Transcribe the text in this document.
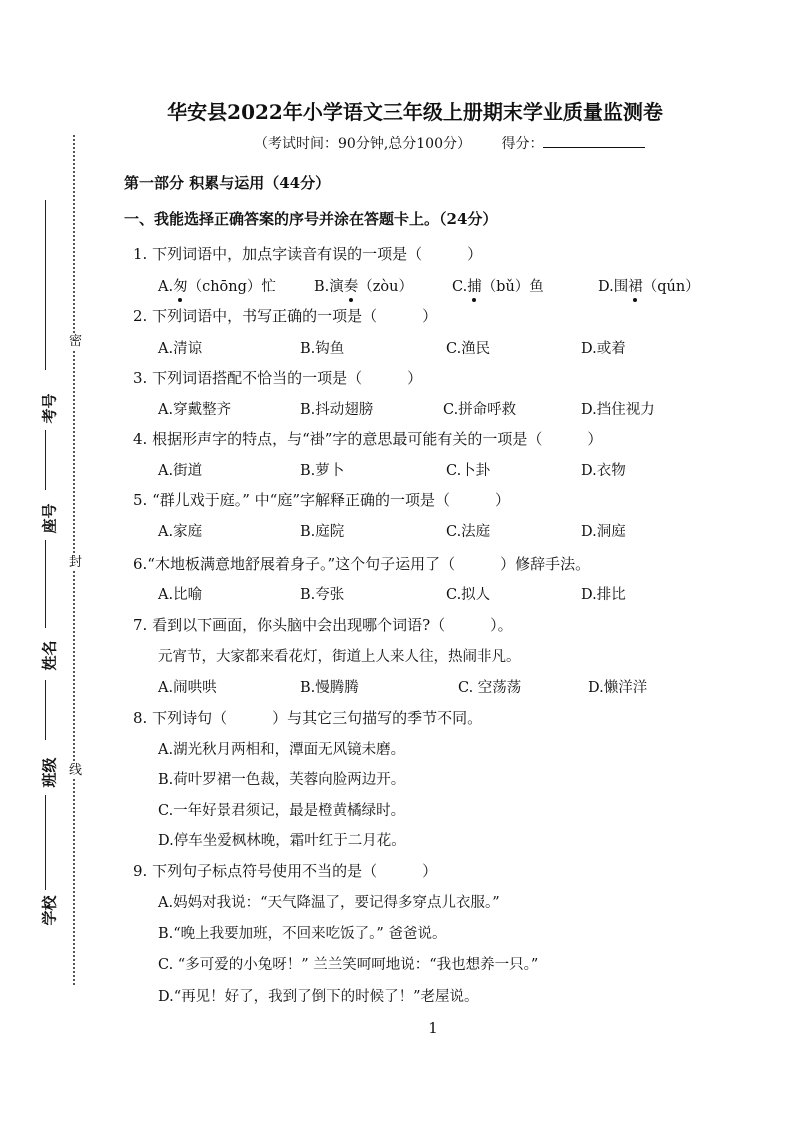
密
封
线
考号
座号
姓名
班级
学校
华安县2022年小学语文三年级上册期末学业质量监测卷
（考试时间：90分钟,总分100分） 得分：
第一部分 积累与运用（44分）
一、我能选择正确答案的序号并涂在答题卡上。（24分）
1. 下列词语中，加点字读音有误的一项是（　　　）
A.匆（chōng）忙	B.演奏（zòu）	C.捕（bǔ）鱼	D.围裙（qún）
2. 下列词语中，书写正确的一项是（　　　）
A.清谅	B.钩鱼	C.渔民	D.或着
3. 下列词语搭配不恰当的一项是（　　　）
A.穿戴整齐	B.抖动翅膀	C.拼命呼救	D.挡住视力
4. 根据形声字的特点，与“褂”字的意思最可能有关的一项是（　　　）
A.街道	B.萝卜	C.卜卦	D.衣物
5. “群儿戏于庭。” 中“庭”字解释正确的一项是（　　　）
A.家庭	B.庭院	C.法庭	D.洞庭
6.“木地板满意地舒展着身子。”这个句子运用了（　　　）修辞手法。
A.比喻	B.夸张	C.拟人	D.排比
7. 看到以下画面，你头脑中会出现哪个词语?（　　　）。
元宵节，大家都来看花灯，街道上人来人往，热闹非凡。
A.闹哄哄	B.慢腾腾	C. 空荡荡	D.懒洋洋
8. 下列诗句（　　　）与其它三句描写的季节不同。
A.湖光秋月两相和，潭面无风镜未磨。
B.荷叶罗裙一色裁，芙蓉向脸两边开。
C.一年好景君须记，最是橙黄橘绿时。
D.停车坐爱枫林晚，霜叶红于二月花。
9. 下列句子标点符号使用不当的是（　　　）
A.妈妈对我说：“天气降温了，要记得多穿点儿衣服。”
B.“晚上我要加班，不回来吃饭了。” 爸爸说。
C. “多可爱的小兔呀！” 兰兰笑呵呵地说：“我也想养一只。”
D.“再见！好了，我到了倒下的时候了！”老屋说。
1
